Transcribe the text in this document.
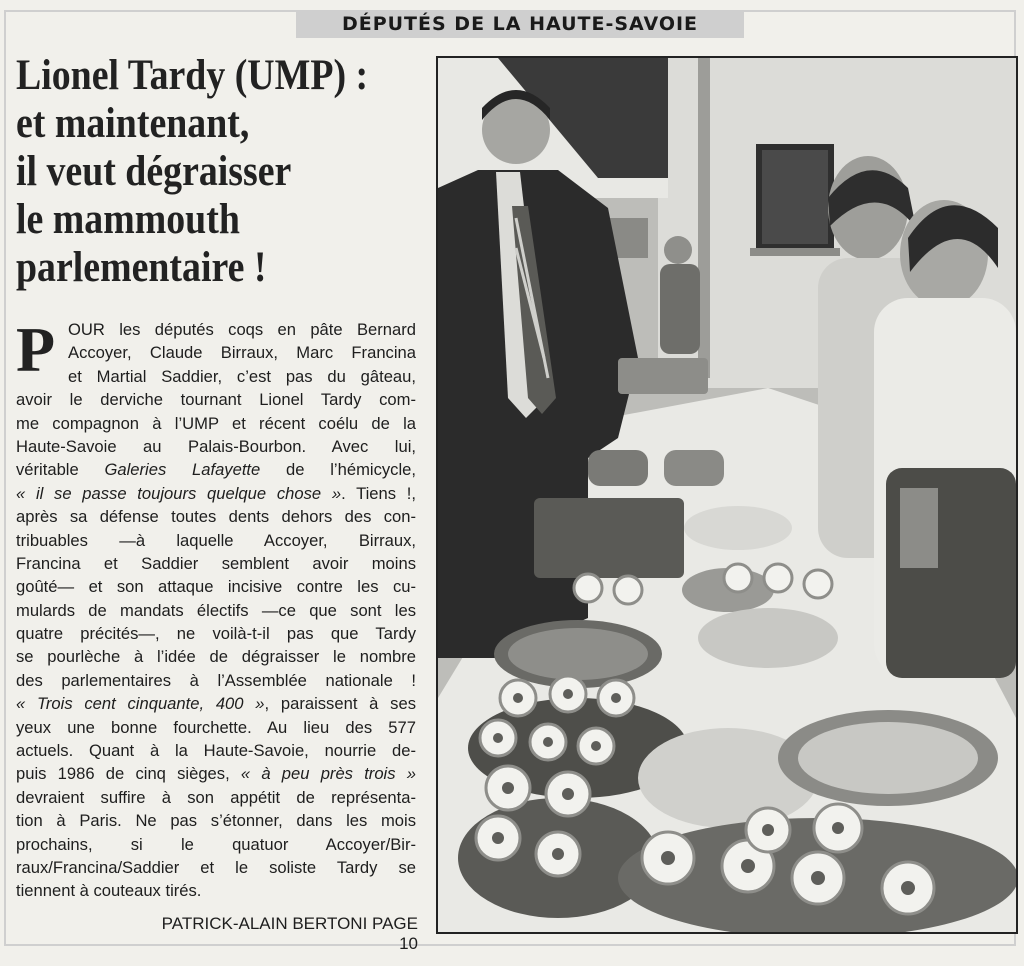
DÉPUTÉS DE LA HAUTE-SAVOIE
Lionel Tardy (UMP) :
et maintenant,
il veut dégraisser
le mammouth
parlementaire !
P OUR les députés coqs en pâte Bernard
Accoyer, Claude Birraux, Marc Francina
et Martial Saddier, c’est pas du gâteau,
avoir le derviche tournant Lionel Tardy com-
me compagnon à l’UMP et récent coélu de la
Haute-Savoie au Palais-Bourbon. Avec lui,
véritable Galeries Lafayette de l’hémicycle,
« il se passe toujours quelque chose ». Tiens !,
après sa défense toutes dents dehors des con-
tribuables —à laquelle Accoyer, Birraux,
Francina et Saddier semblent avoir moins
goûté— et son attaque incisive contre les cu-
mulards de mandats électifs —ce que sont les
quatre précités—, ne voilà-t-il pas que Tardy
se pourlèche à l’idée de dégraisser le nombre
des parlementaires à l’Assemblée nationale !
« Trois cent cinquante, 400 », paraissent à ses
yeux une bonne fourchette. Au lieu des 577
actuels. Quant à la Haute-Savoie, nourrie de-
puis 1986 de cinq sièges, « à peu près trois »
devraient suffire à son appétit de représenta-
tion à Paris. Ne pas s’étonner, dans les mois
prochains, si le quatuor Accoyer/Bir-
raux/Francina/Saddier et le soliste Tardy se
tiennent à couteaux tirés.
PATRICK-ALAIN BERTONI PAGE 10
